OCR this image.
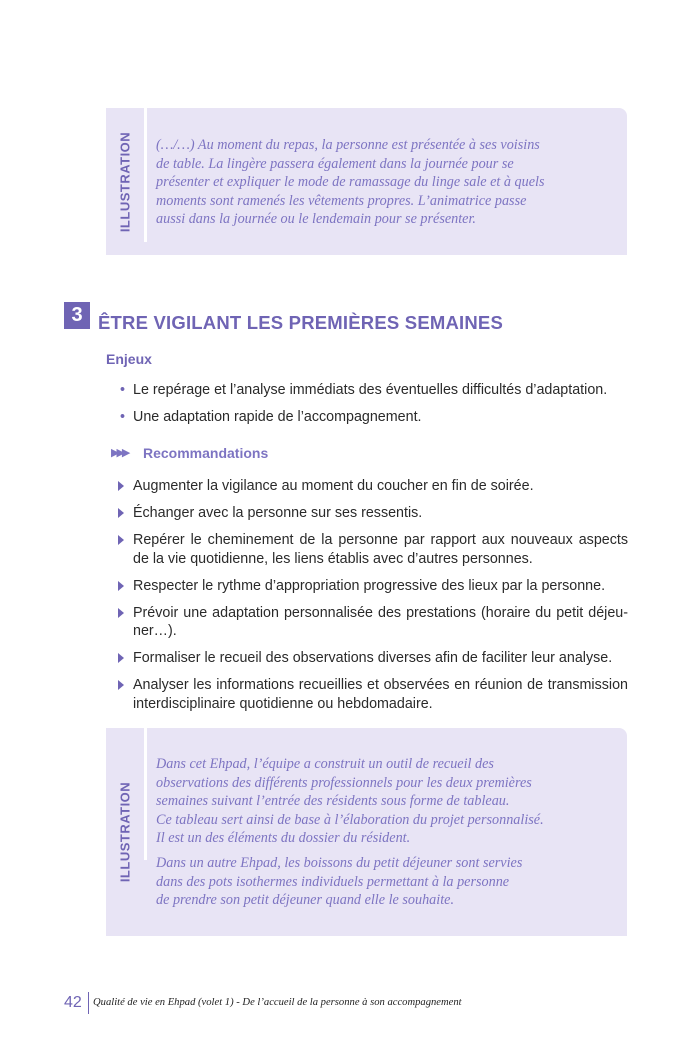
ILLUSTRATION (…/…) Au moment du repas, la personne est présentée à ses voisins
de table. La lingère passera également dans la journée pour se
présenter et expliquer le mode de ramassage du linge sale et à quels
moments sont ramenés les vêtements propres. L’animatrice passe
aussi dans la journée ou le lendemain pour se présenter.

3 ÊTRE VIGILANT LES PREMIÈRES SEMAINES
Enjeux
• Le repérage et l’analyse immédiats des éventuelles difficultés d’adaptation.
• Une adaptation rapide de l’accompagnement.
▶▶▶ Recommandations
Augmenter la vigilance au moment du coucher en fin de soirée.
Échanger avec la personne sur ses ressentis.
Repérer le cheminement de la personne par rapport aux nouveaux aspects de la vie quotidienne, les liens établis avec d’autres personnes.
Respecter le rythme d’appropriation progressive des lieux par la personne.
Prévoir une adaptation personnalisée des prestations (horaire du petit déjeu-ner…).
Formaliser le recueil des observations diverses afin de faciliter leur analyse.
Analyser les informations recueillies et observées en réunion de transmission interdisciplinaire quotidienne ou hebdomadaire.
ILLUSTRATION

Dans cet Ehpad, l’équipe a construit un outil de recueil des
observations des différents professionnels pour les deux premières
semaines suivant l’entrée des résidents sous forme de tableau.
Ce tableau sert ainsi de base à l’élaboration du projet personnalisé.
Il est un des éléments du dossier du résident.

Dans un autre Ehpad, les boissons du petit déjeuner sont servies
dans des pots isothermes individuels permettant à la personne
de prendre son petit déjeuner quand elle le souhaite.

42 Qualité de vie en Ehpad (volet 1) - De l’accueil de la personne à son accompagnement
